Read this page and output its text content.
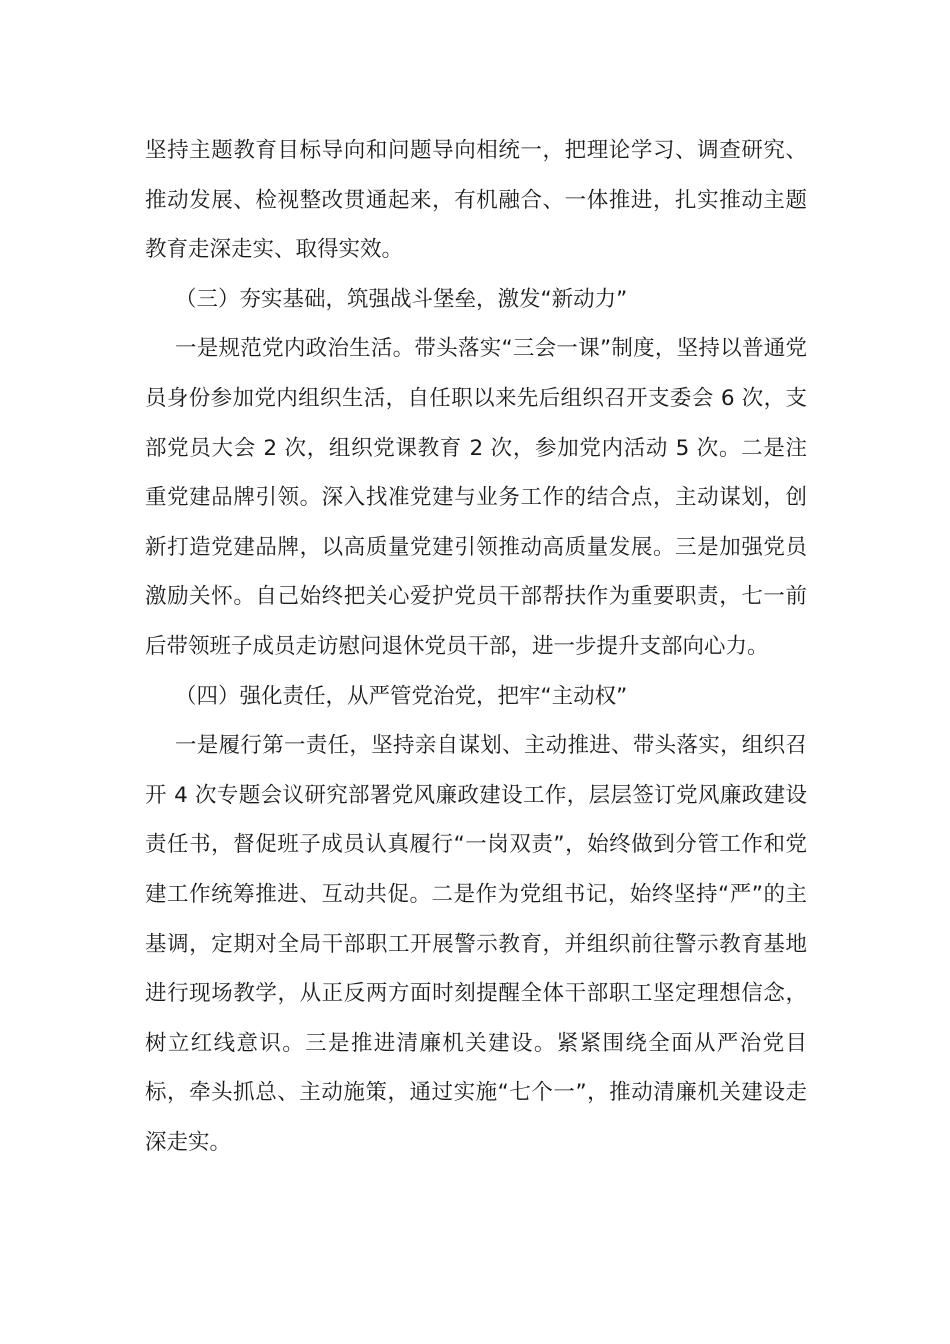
坚持主题教育目标导向和问题导向相统一，把理论学习、调查研究、推动发展、检视整改贯通起来，有机融合、一体推进，扎实推动主题教育走深走实、取得实效。

（三）夯实基础，筑强战斗堡垒，激发“新动力”

一是规范党内政治生活。带头落实“三会一课”制度，坚持以普通党员身份参加党内组织生活，自任职以来先后组织召开支委会 6 次，支部党员大会 2 次，组织党课教育 2 次，参加党内活动 5 次。二是注重党建品牌引领。深入找准党建与业务工作的结合点，主动谋划，创新打造党建品牌，以高质量党建引领推动高质量发展。三是加强党员激励关怀。自己始终把关心爱护党员干部帮扶作为重要职责，七一前后带领班子成员走访慰问退休党员干部，进一步提升支部向心力。

（四）强化责任，从严管党治党，把牢“主动权”

一是履行第一责任，坚持亲自谋划、主动推进、带头落实，组织召开 4 次专题会议研究部署党风廉政建设工作，层层签订党风廉政建设责任书，督促班子成员认真履行“一岗双责”，始终做到分管工作和党建工作统筹推进、互动共促。二是作为党组书记，始终坚持“严”的主基调，定期对全局干部职工开展警示教育，并组织前往警示教育基地进行现场教学，从正反两方面时刻提醒全体干部职工坚定理想信念，树立红线意识。三是推进清廉机关建设。紧紧围绕全面从严治党目标，牵头抓总、主动施策，通过实施“七个一”，推动清廉机关建设走深走实。
